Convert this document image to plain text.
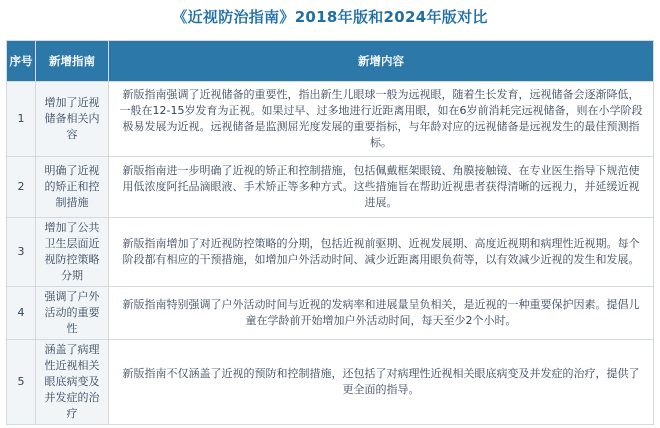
《近视防治指南》2018年版和2024年版对比
序号	新增指南	新增内容
1	增加了近视储备相关内容	新版指南强调了近视储备的重要性，指出新生儿眼球一般为远视眼，随着生长发育，远视储备会逐渐降低，一般在12-15岁发育为正视。如果过早、过多地进行近距离用眼，如在6岁前消耗完远视储备，则在小学阶段极易发展为近视。远视储备是监测屈光度发展的重要指标，与年龄对应的远视储备是远视发生的最佳预测指标。
2	明确了近视的矫正和控制措施	新版指南进一步明确了近视的矫正和控制措施，包括佩戴框架眼镜、角膜接触镜、在专业医生指导下规范使用低浓度阿托品滴眼液、手术矫正等多种方式。这些措施旨在帮助近视患者获得清晰的远视力，并延缓近视进展。
3	增加了公共卫生层面近视防控策略分期	新版指南增加了对近视防控策略的分期，包括近视前驱期、近视发展期、高度近视期和病理性近视期。每个阶段都有相应的干预措施，如增加户外活动时间、减少近距离用眼负荷等，以有效减少近视的发生和发展。
4	强调了户外活动的重要性	新版指南特别强调了户外活动时间与近视的发病率和进展量呈负相关，是近视的一种重要保护因素。提倡儿童在学龄前开始增加户外活动时间，每天至少2个小时。
5	涵盖了病理性近视相关眼底病变及并发症的治疗	新版指南不仅涵盖了近视的预防和控制措施，还包括了对病理性近视相关眼底病变及并发症的治疗，提供了更全面的指导。
